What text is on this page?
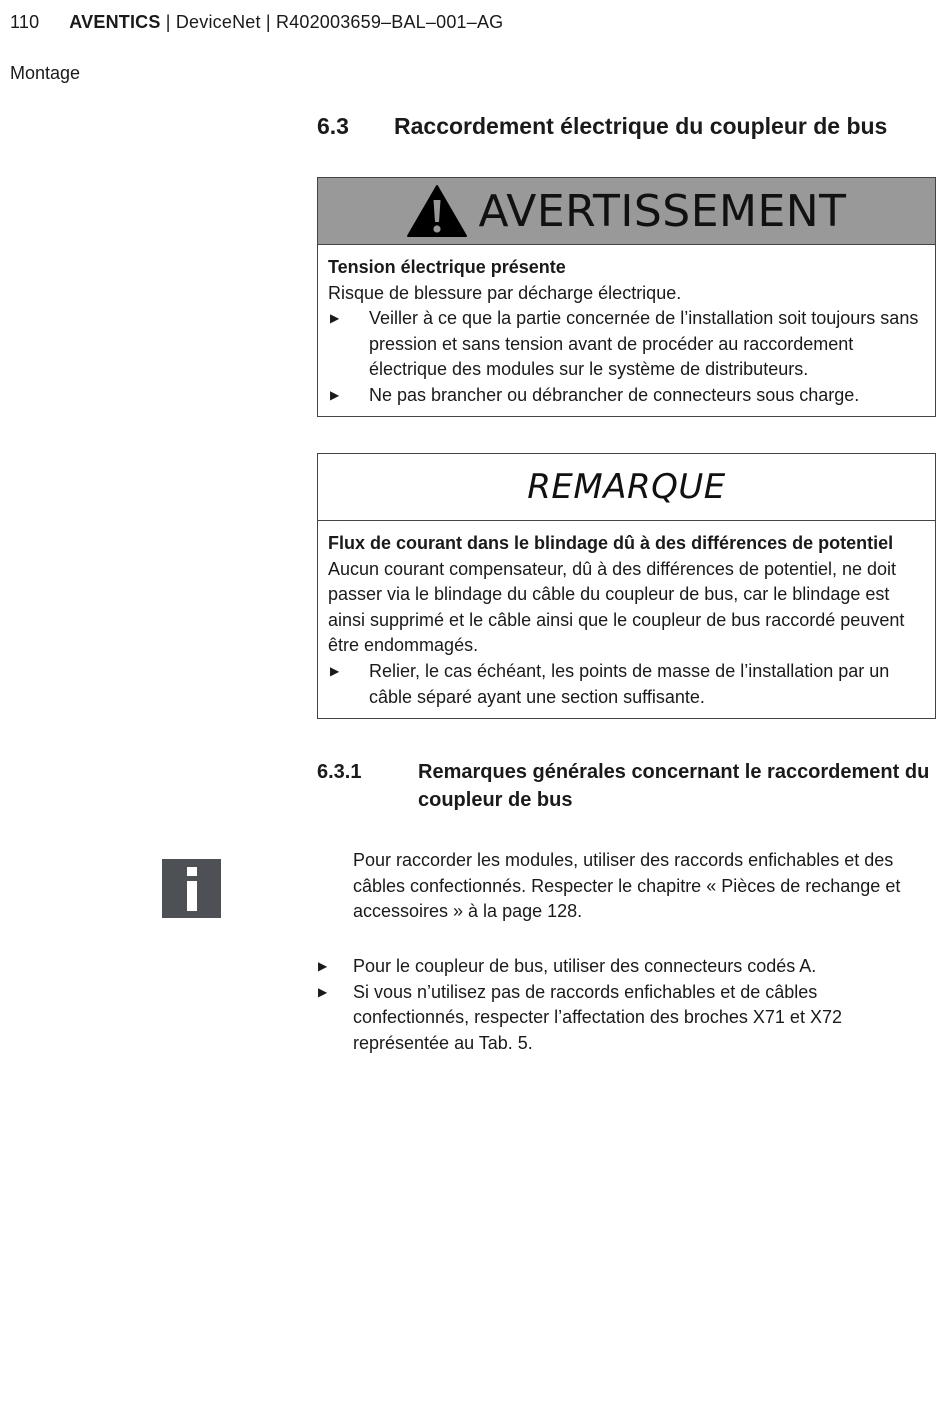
110 AVENTICS | DeviceNet | R402003659–BAL–001–AG
Montage
6.3 Raccordement électrique du coupleur de bus
AVERTISSEMENT
Tension électrique présente
Risque de blessure par décharge électrique.
▶ Veiller à ce que la partie concernée de l’installation soit toujours sans pression et sans tension avant de procéder au raccordement électrique des modules sur le système de distributeurs.
▶ Ne pas brancher ou débrancher de connecteurs sous charge.
REMARQUE
Flux de courant dans le blindage dû à des différences de potentiel
Aucun courant compensateur, dû à des différences de potentiel, ne doit passer via le blindage du câble du coupleur de bus, car le blindage est ainsi supprimé et le câble ainsi que le coupleur de bus raccordé peuvent être endommagés.
▶ Relier, le cas échéant, les points de masse de l’installation par un câble séparé ayant une section suffisante.
6.3.1	Remarques générales concernant le raccordement du coupleur de bus
Pour raccorder les modules, utiliser des raccords enfichables et des câbles confectionnés. Respecter le chapitre « Pièces de rechange et accessoires » à la page 128.
▶ Pour le coupleur de bus, utiliser des connecteurs codés A.
▶ Si vous n’utilisez pas de raccords enfichables et de câbles confectionnés, respecter l’affectation des broches X71 et X72 représentée au Tab. 5.
